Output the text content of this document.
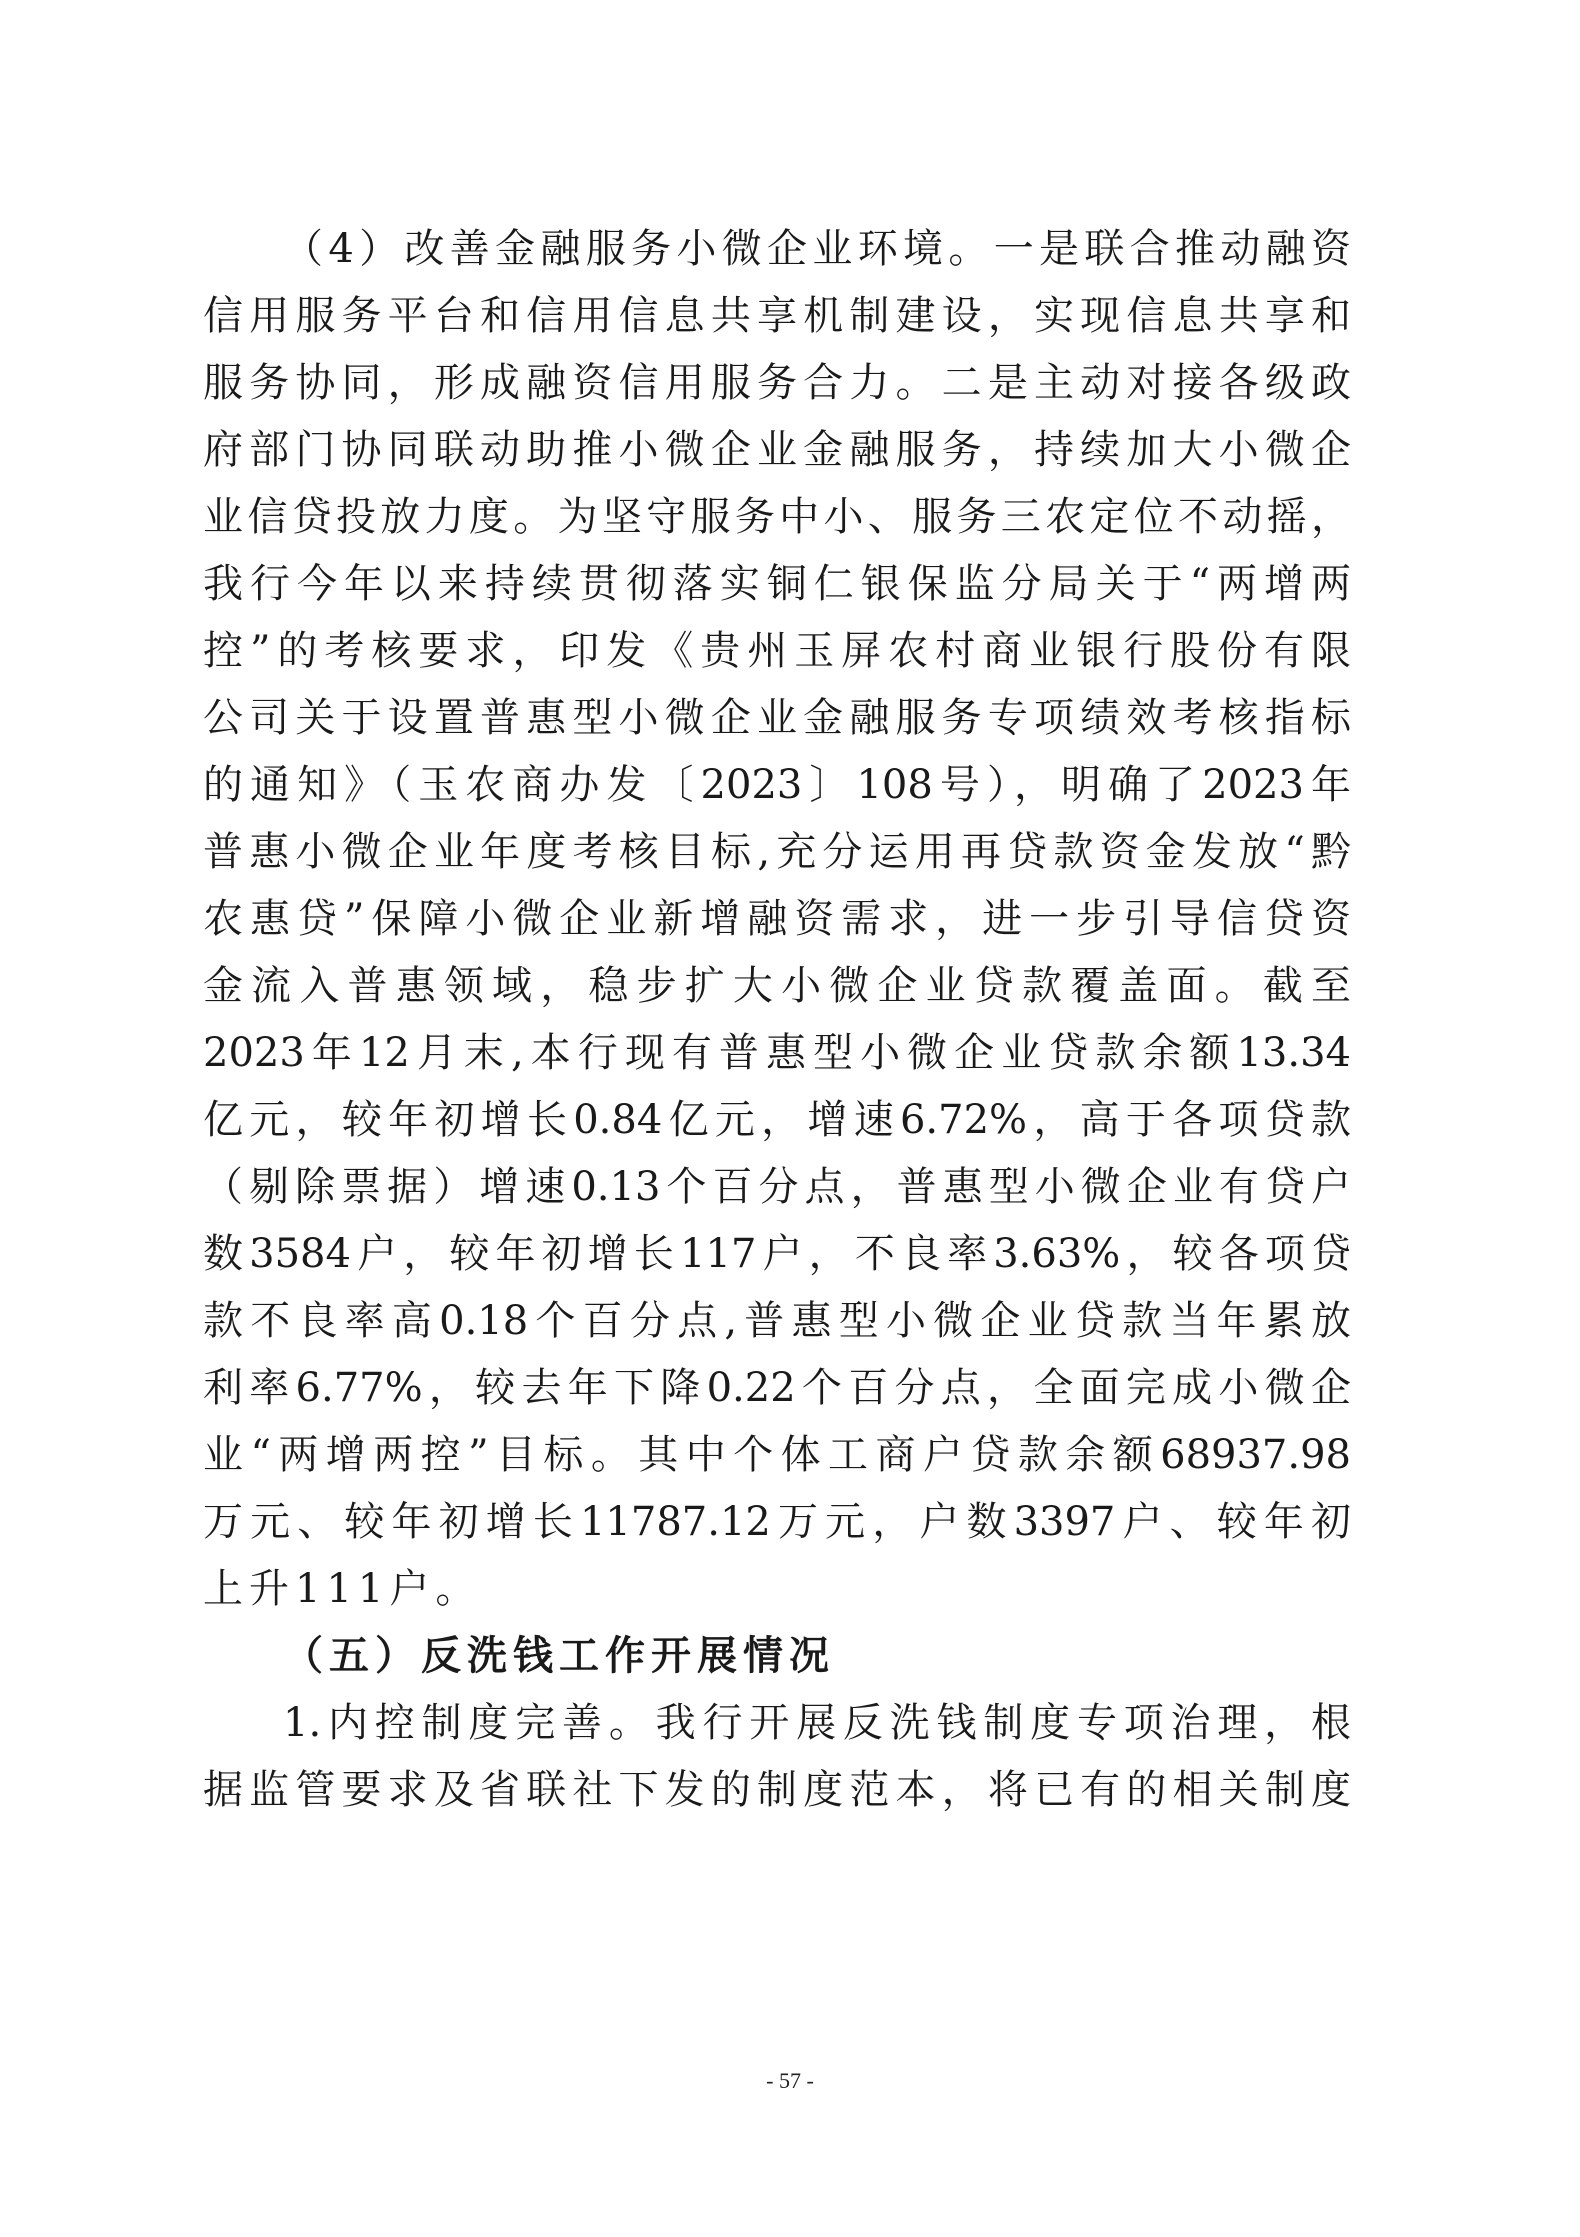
（4）改善金融服务小微企业环境。一是联合推动融资
信用服务平台和信用信息共享机制建设，实现信息共享和
服务协同，形成融资信用服务合力。二是主动对接各级政
府部门协同联动助推小微企业金融服务，持续加大小微企
业信贷投放力度。为坚守服务中小、服务三农定位不动摇，
我行今年以来持续贯彻落实铜仁银保监分局关于“两增两
控”的考核要求，印发《贵州玉屏农村商业银行股份有限
公司关于设置普惠型小微企业金融服务专项绩效考核指标
的通知》（玉农商办发〔2023〕108号），明确了2023年
普惠小微企业年度考核目标,充分运用再贷款资金发放“黔
农惠贷”保障小微企业新增融资需求，进一步引导信贷资
金流入普惠领域，稳步扩大小微企业贷款覆盖面。截至
2023年12月末,本行现有普惠型小微企业贷款余额13.34
亿元，较年初增长0.84亿元，增速6.72%，高于各项贷款
（剔除票据）增速0.13个百分点，普惠型小微企业有贷户
数3584户，较年初增长117户，不良率3.63%，较各项贷
款不良率高0.18个百分点,普惠型小微企业贷款当年累放
利率6.77%，较去年下降0.22个百分点，全面完成小微企
业“两增两控”目标。其中个体工商户贷款余额68937.98
万元、较年初增长11787.12万元，户数3397户、较年初
上升111户。
（五）反洗钱工作开展情况
1.内控制度完善。我行开展反洗钱制度专项治理，根
据监管要求及省联社下发的制度范本，将已有的相关制度
- 57 -
